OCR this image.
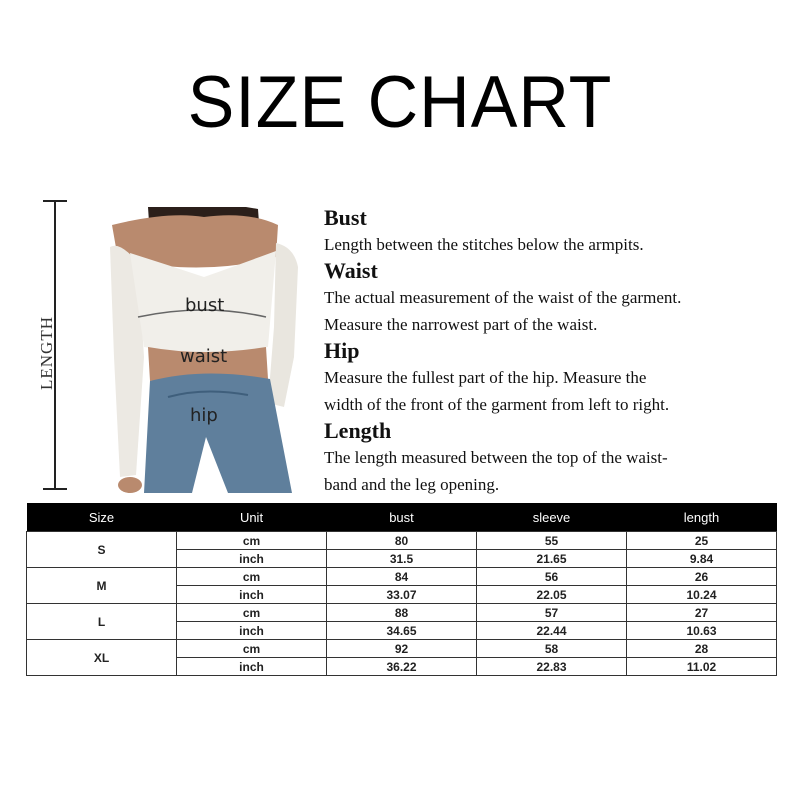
SIZE CHART
LENGTH
bust
waist
hip
Bust

Length between the stitches below the armpits.

Waist

The actual measurement of the waist of the garment.

Measure the narrowest part of the waist.

Hip

Measure the fullest part of the hip. Measure the

width of the front of the garment from left to right.

Length

The length measured between the top of the waist-

band and the leg opening.

Size	Unit	bust	sleeve	length
S	cm	80	55	25
	inch	31.5	21.65	9.84
M	cm	84	56	26
	inch	33.07	22.05	10.24
L	cm	88	57	27
	inch	34.65	22.44	10.63
XL	cm	92	58	28
	inch	36.22	22.83	11.02
